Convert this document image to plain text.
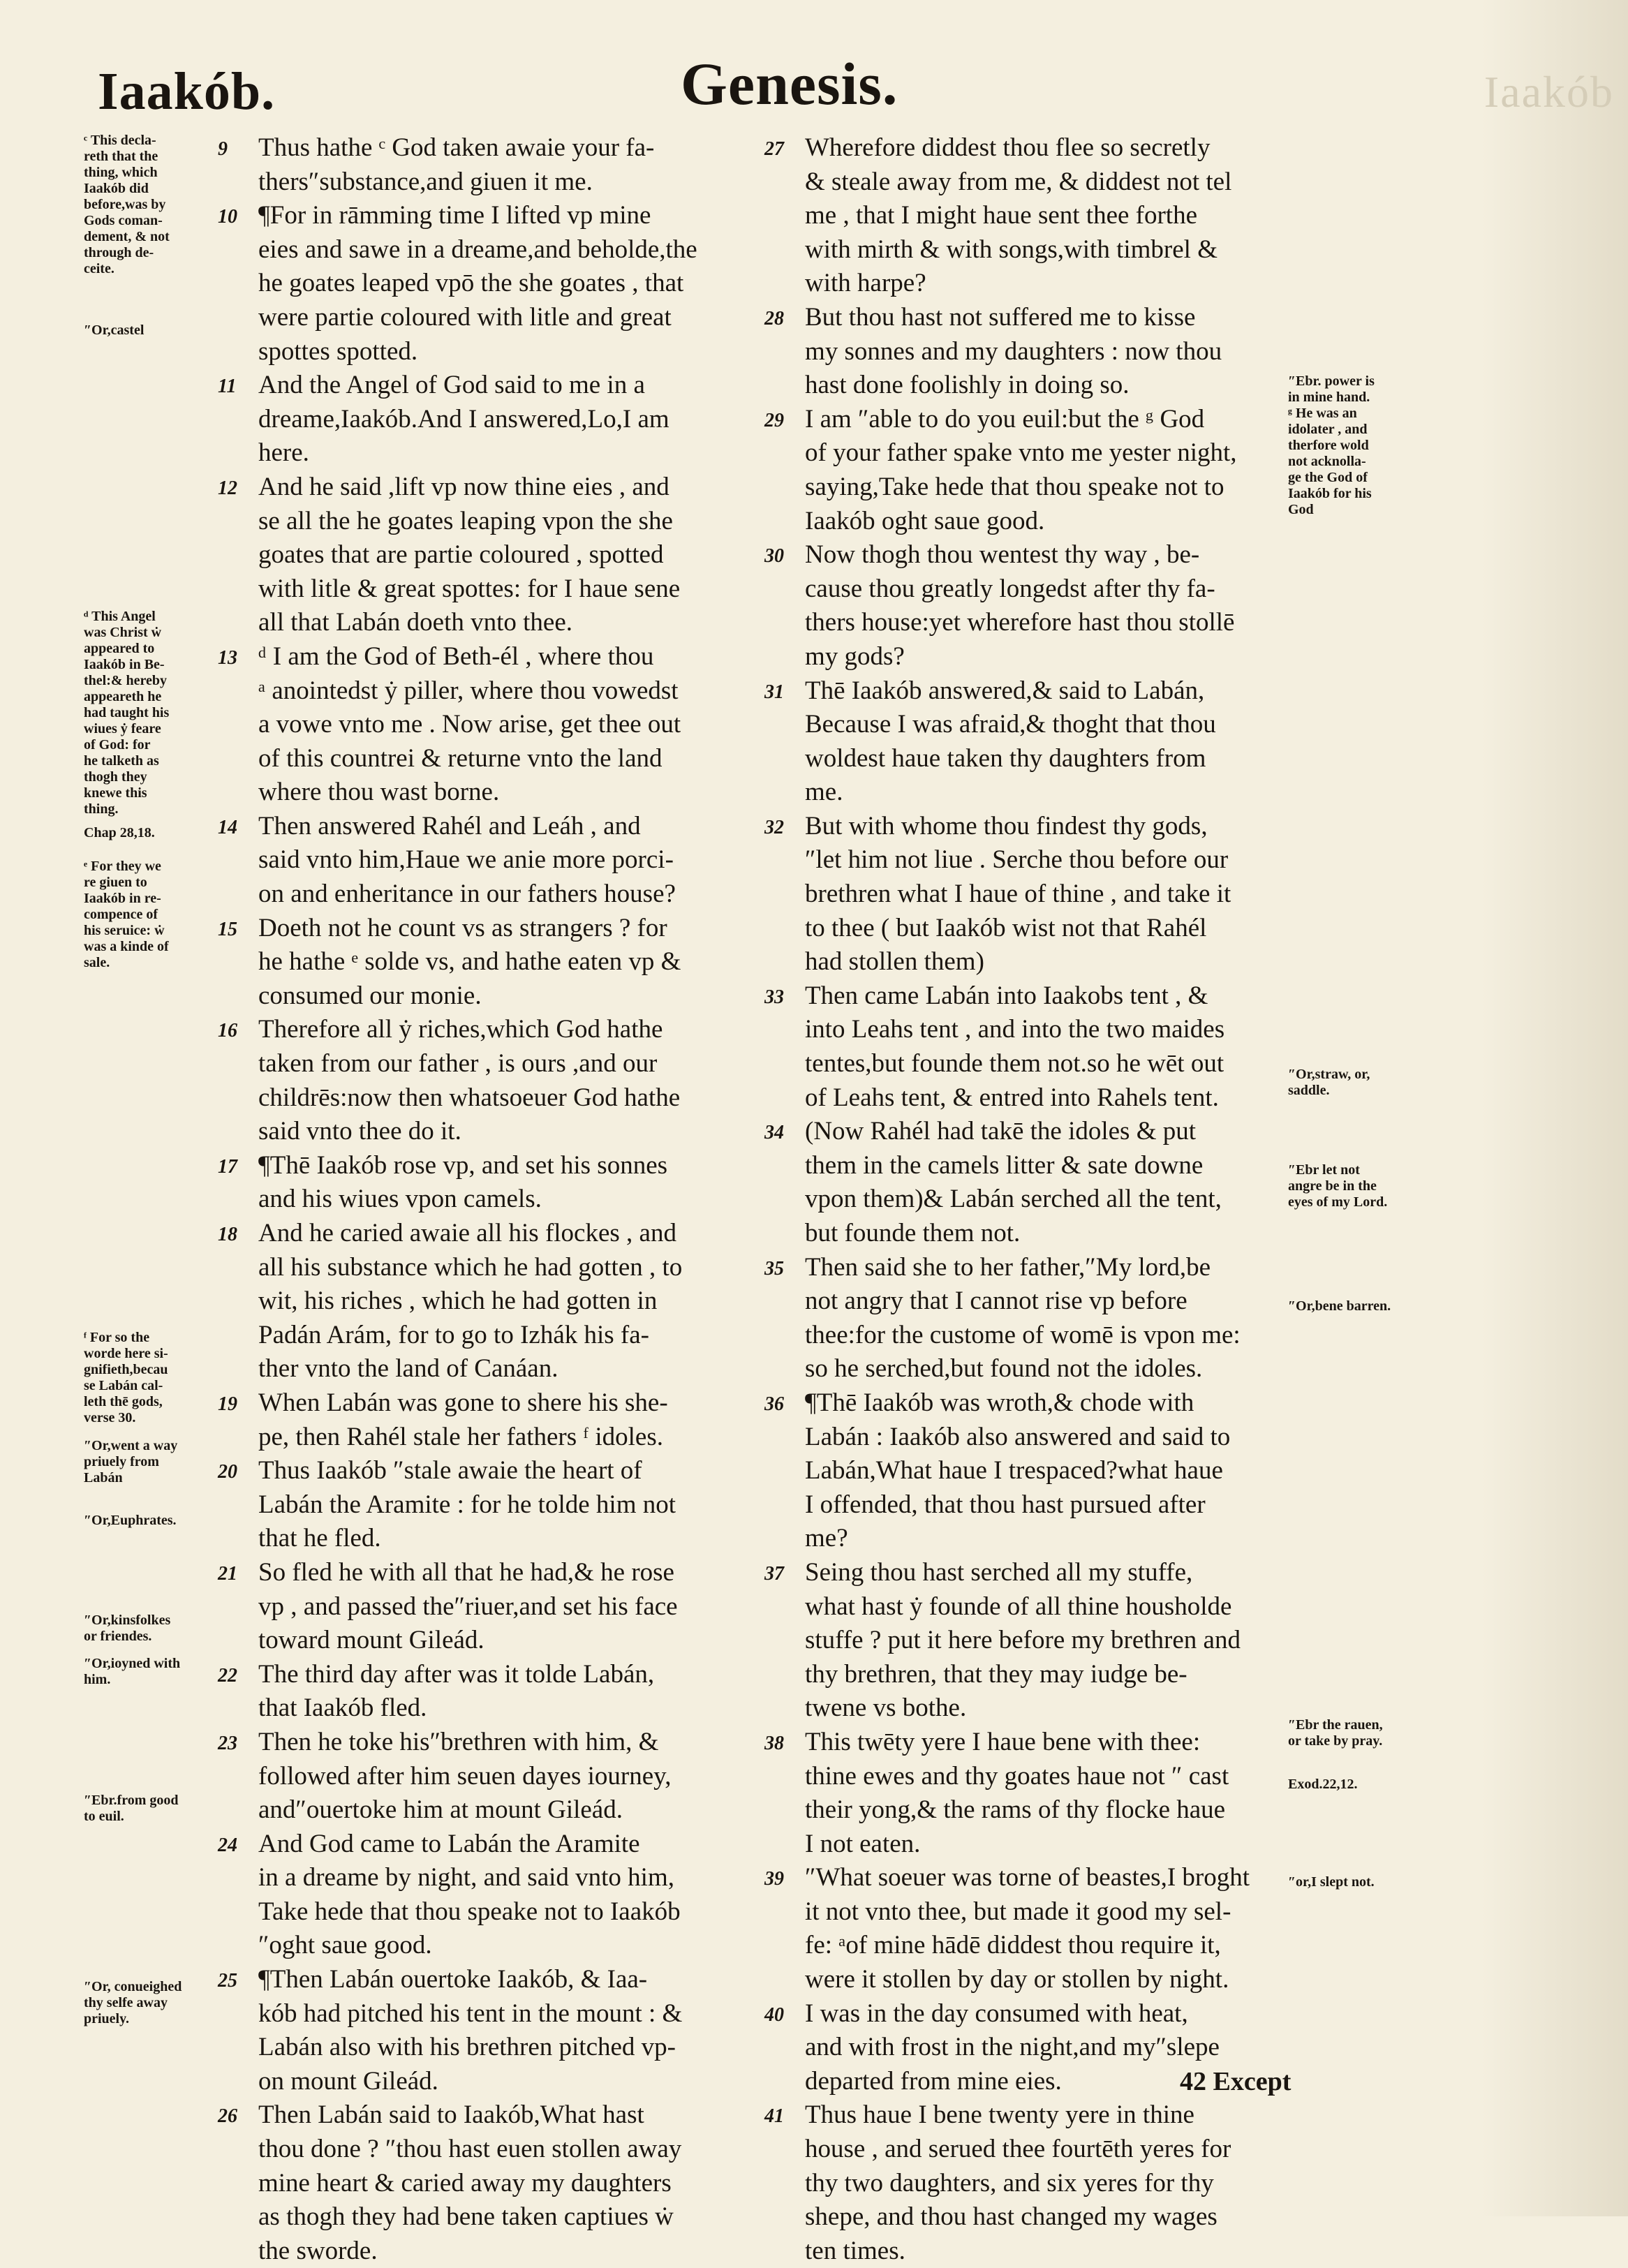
Iaakób
Iaakób.	Genesis.
9	Thus hathe ᶜ God taken awaie your fa-
thers″substance,and giuen it me.
10 ¶For in rāmming time I lifted vp mine
eies and sawe in a dreame,and beholde,the
he goates leaped vpō the she goates , that
were partie coloured with litle and great
spottes spotted.
11 And the Angel of God said to me in a
dreame,Iaakób.And I answered,Lo,I am
here.
12 And he said ,lift vp now thine eies , and
se all the he goates leaping vpon the she
goates that are partie coloured , spotted
with litle & great spottes: for I haue sene
all that Labán doeth vnto thee.
13 ᵈ I am the God of Beth-él , where thou
ᵃ anointedst ẏ piller, where thou vowedst
a vowe vnto me . Now arise, get thee out
of this countrei & returne vnto the land
where thou wast borne.
14 Then answered Rahél and Leáh , and
said vnto him,Haue we anie more porci-
on and enheritance in our fathers house?
15 Doeth not he count vs as strangers ? for
he hathe ᵉ solde vs, and hathe eaten vp &
consumed our monie.
16 Therefore all ẏ riches,which God hathe
taken from our father , is ours ,and our
childrēs:now then whatsoeuer God hathe
said vnto thee do it.
17 ¶Thē Iaakób rose vp, and set his sonnes
and his wiues vpon camels.
18 And he caried awaie all his flockes , and
all his substance which he had gotten , to
wit, his riches , which he had gotten in
Padán Arám, for to go to Izhák his fa-
ther vnto the land of Canáan.
19 When Labán was gone to shere his she-
pe, then Rahél stale her fathers ᶠ idoles.
20 Thus Iaakób ″stale awaie the heart of
Labán the Aramite : for he tolde him not
that he fled.
21 So fled he with all that he had,& he rose
vp , and passed the″riuer,and set his face
toward mount Gileád.
22 The third day after was it tolde Labán,
that Iaakób fled.
23 Then he toke his″brethren with him, &
followed after him seuen dayes iourney,
and″ouertoke him at mount Gileád.
24 And God came to Labán the Aramite
in a dreame by night, and said vnto him,
Take hede that thou speake not to Iaakób
″oght saue good.
25 ¶Then Labán ouertoke Iaakób, & Iaa-
kób had pitched his tent in the mount : &
Labán also with his brethren pitched vp-
on mount Gileád.
26 Then Labán said to Iaakób,What hast
thou done ? ″thou hast euen stollen away
mine heart & caried away my daughters
as thogh they had bene taken captiues ẇ
the sworde.
27 Wherefore diddest thou flee so secretly
& steale away from me, & diddest not tel
me , that I might haue sent thee forthe
with mirth & with songs,with timbrel &
with harpe?
28 But thou hast not suffered me to kisse
my sonnes and my daughters : now thou
hast done foolishly in doing so.
29 I am ″able to do you euil:but the ᵍ God
of your father spake vnto me yester night,
saying,Take hede that thou speake not to
Iaakób oght saue good.
30 Now thogh thou wentest thy way , be-
cause thou greatly longedst after thy fa-
thers house:yet wherefore hast thou stollē
my gods?
31 Thē Iaakób answered,& said to Labán,
Because I was afraid,& thoght that thou
woldest haue taken thy daughters from
me.
32 But with whome thou findest thy gods,
″let him not liue . Serche thou before our
brethren what I haue of thine , and take it
to thee ( but Iaakób wist not that Rahél
had stollen them)
33 Then came Labán into Iaakobs tent , &
into Leahs tent , and into the two maides
tentes,but founde them not.so he wēt out
of Leahs tent, & entred into Rahels tent.
34 (Now Rahél had takē the idoles & put
them in the camels litter & sate downe
vpon them)& Labán serched all the tent,
but founde them not.
35 Then said she to her father,″My lord,be
not angry that I cannot rise vp before
thee:for the custome of womē is vpon me:
so he serched,but found not the idoles.
36 ¶Thē Iaakób was wroth,& chode with
Labán : Iaakób also answered and said to
Labán,What haue I trespaced?what haue
I offended, that thou hast pursued after
me?
37 Seing thou hast serched all my stuffe,
what hast ẏ founde of all thine housholde
stuffe ? put it here before my brethren and
thy brethren, that they may iudge be-
twene vs bothe.
38 This twēty yere I haue bene with thee:
thine ewes and thy goates haue not ″ cast
their yong,& the rams of thy flocke haue
I not eaten.
39 ″What soeuer was torne of beastes,I broght
it not vnto thee, but made it good my sel-
fe: ᵃof mine hādē diddest thou require it,
were it stollen by day or stollen by night.
40 I was in the day consumed with heat,
and with frost in the night,and my″slepe
departed from mine eies.
41 Thus haue I bene twenty yere in thine
house , and serued thee fourtēth yeres for
thy two daughters, and six yeres for thy
shepe, and thou hast changed my wages
ten times.
ᶜ This decla-
reth that the
thing, which
Iaakób did
before,was by
Gods coman-
dement, & not
through de-
ceite.
″Or,castel
ᵈ This Angel
was Christ ẇ
appeared to
Iaakób in Be-
thel:& hereby
appeareth he
had taught his
wiues ẏ feare
of God: for
he talketh as
thogh they
knewe this
thing.
Chap 28,18.
ᵉ For they we
re giuen to
Iaakób in re-
compence of
his seruice: ẇ
was a kinde of
sale.
ᶠ For so the
worde here si-
gnifieth,becau
se Labán cal-
leth thē gods,
verse 30.
″Or,went a way
priuely from
Labán
″Or,Euphrates.
″Or,kinsfolkes
or friendes.
″Or,ioyned with
him.
″Ebr.from good
to euil.
″Or, conueighed
thy selfe away
priuely.
″Ebr. power is
in mine hand.
ᵍ He was an
idolater , and
therfore wold
not acknolla-
ge the God of
Iaakób for his
God
″Or,straw, or,
saddle.
″Ebr let not
angre be in the
eyes of my Lord.
″Or,bene barren.
″Ebr the rauen,
or take by pray.
Exod.22,12.
″or,I slept not.
42 Except
